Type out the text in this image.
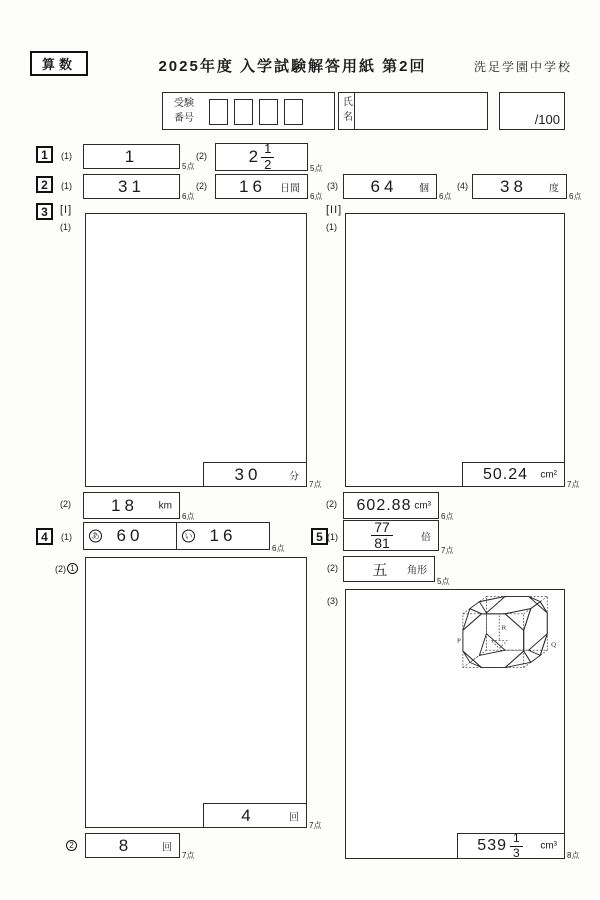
算数	2025年度 入学試験解答用紙 第2回	洗足学園中学校
受験
番号
氏
名	/100
1	(1)	1
5点
(2) $2 \frac{1}{2}$	5点
2	(1)	31
6点
(2) 16 日間
6点
(3) 64 個
6点
(4) 38 度
6点
3	[I]
(1)
30	分
7点
[II]
(1)
50.24 cm²
7点
(2) 18 km
6点
(2) 602.88 cm³
6点
4	(1)	あ 60	い 16
6点
5 $(1) \frac{77}{81}$	倍
7点
(2) 1
4	回
7点
2	8	回
7点
(2) 五 角形
5点
(3)
P
Q
R
$539 \frac{1}{3} cm^3$
8点
